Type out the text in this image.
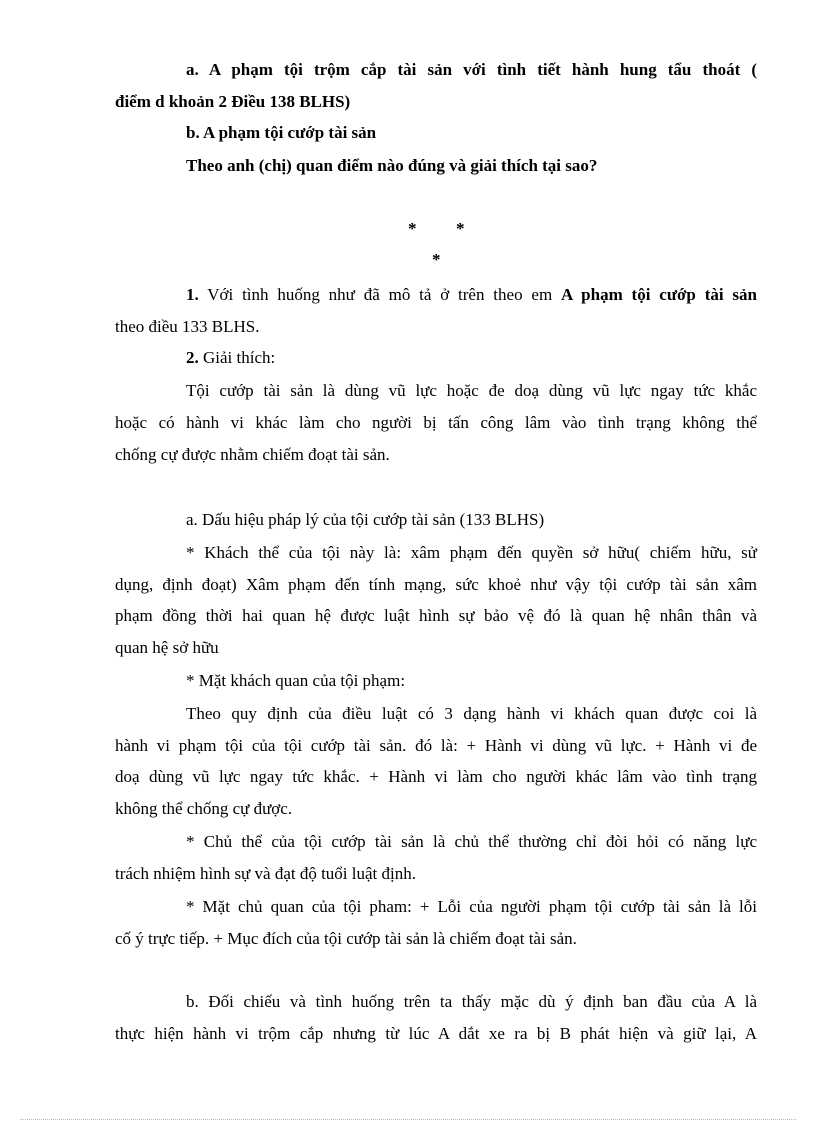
a. A phạm tội trộm cắp tài sản với tình tiết hành hung tẩu thoát (
điểm d khoản 2 Điều 138 BLHS)
b. A phạm tội cướp tài sản
Theo anh (chị) quan điểm nào đúng và giải thích tại sao?
* *
*
1. Với tình huống như đã mô tả ở trên theo em A phạm tội cướp tài sản
theo điều 133 BLHS.
2. Giải thích:
Tội cướp tài sản là dùng vũ lực hoặc đe doạ dùng vũ lực ngay tức khắc
hoặc có hành vi khác làm cho người bị tấn công lâm vào tình trạng không thể
chống cự được nhằm chiếm đoạt tài sản.
a. Dấu hiệu pháp lý của tội cướp tài sản (133 BLHS)
* Khách thể của tội này là: xâm phạm đến quyền sở hữu( chiếm hữu, sử
dụng, định đoạt) Xâm phạm đến tính mạng, sức khoẻ như vậy tội cướp tài sản xâm
phạm đồng thời hai quan hệ được luật hình sự bảo vệ đó là quan hệ nhân thân và
quan hệ sở hữu
* Mặt khách quan của tội phạm:
Theo quy định của điều luật có 3 dạng hành vi khách quan được coi là
hành vi phạm tội của tội cướp tài sản. đó là: + Hành vi dùng vũ lực. + Hành vi đe
doạ dùng vũ lực ngay tức khắc. + Hành vi làm cho người khác lâm vào tình trạng
không thể chống cự được.
* Chủ thể của tội cướp tài sản là chủ thể thường chỉ đòi hỏi có năng lực
trách nhiệm hình sự và đạt độ tuổi luật định.
* Mặt chủ quan của tội pham: + Lỗi của người phạm tội cướp tài sản là lỗi
cố ý trực tiếp. + Mục đích của tội cướp tài sản là chiếm đoạt tài sản.
b. Đối chiếu và tình huống trên ta thấy mặc dù ý định ban đầu của A là
thực hiện hành vi trộm cắp nhưng từ lúc A dắt xe ra bị B phát hiện và giữ lại, A
